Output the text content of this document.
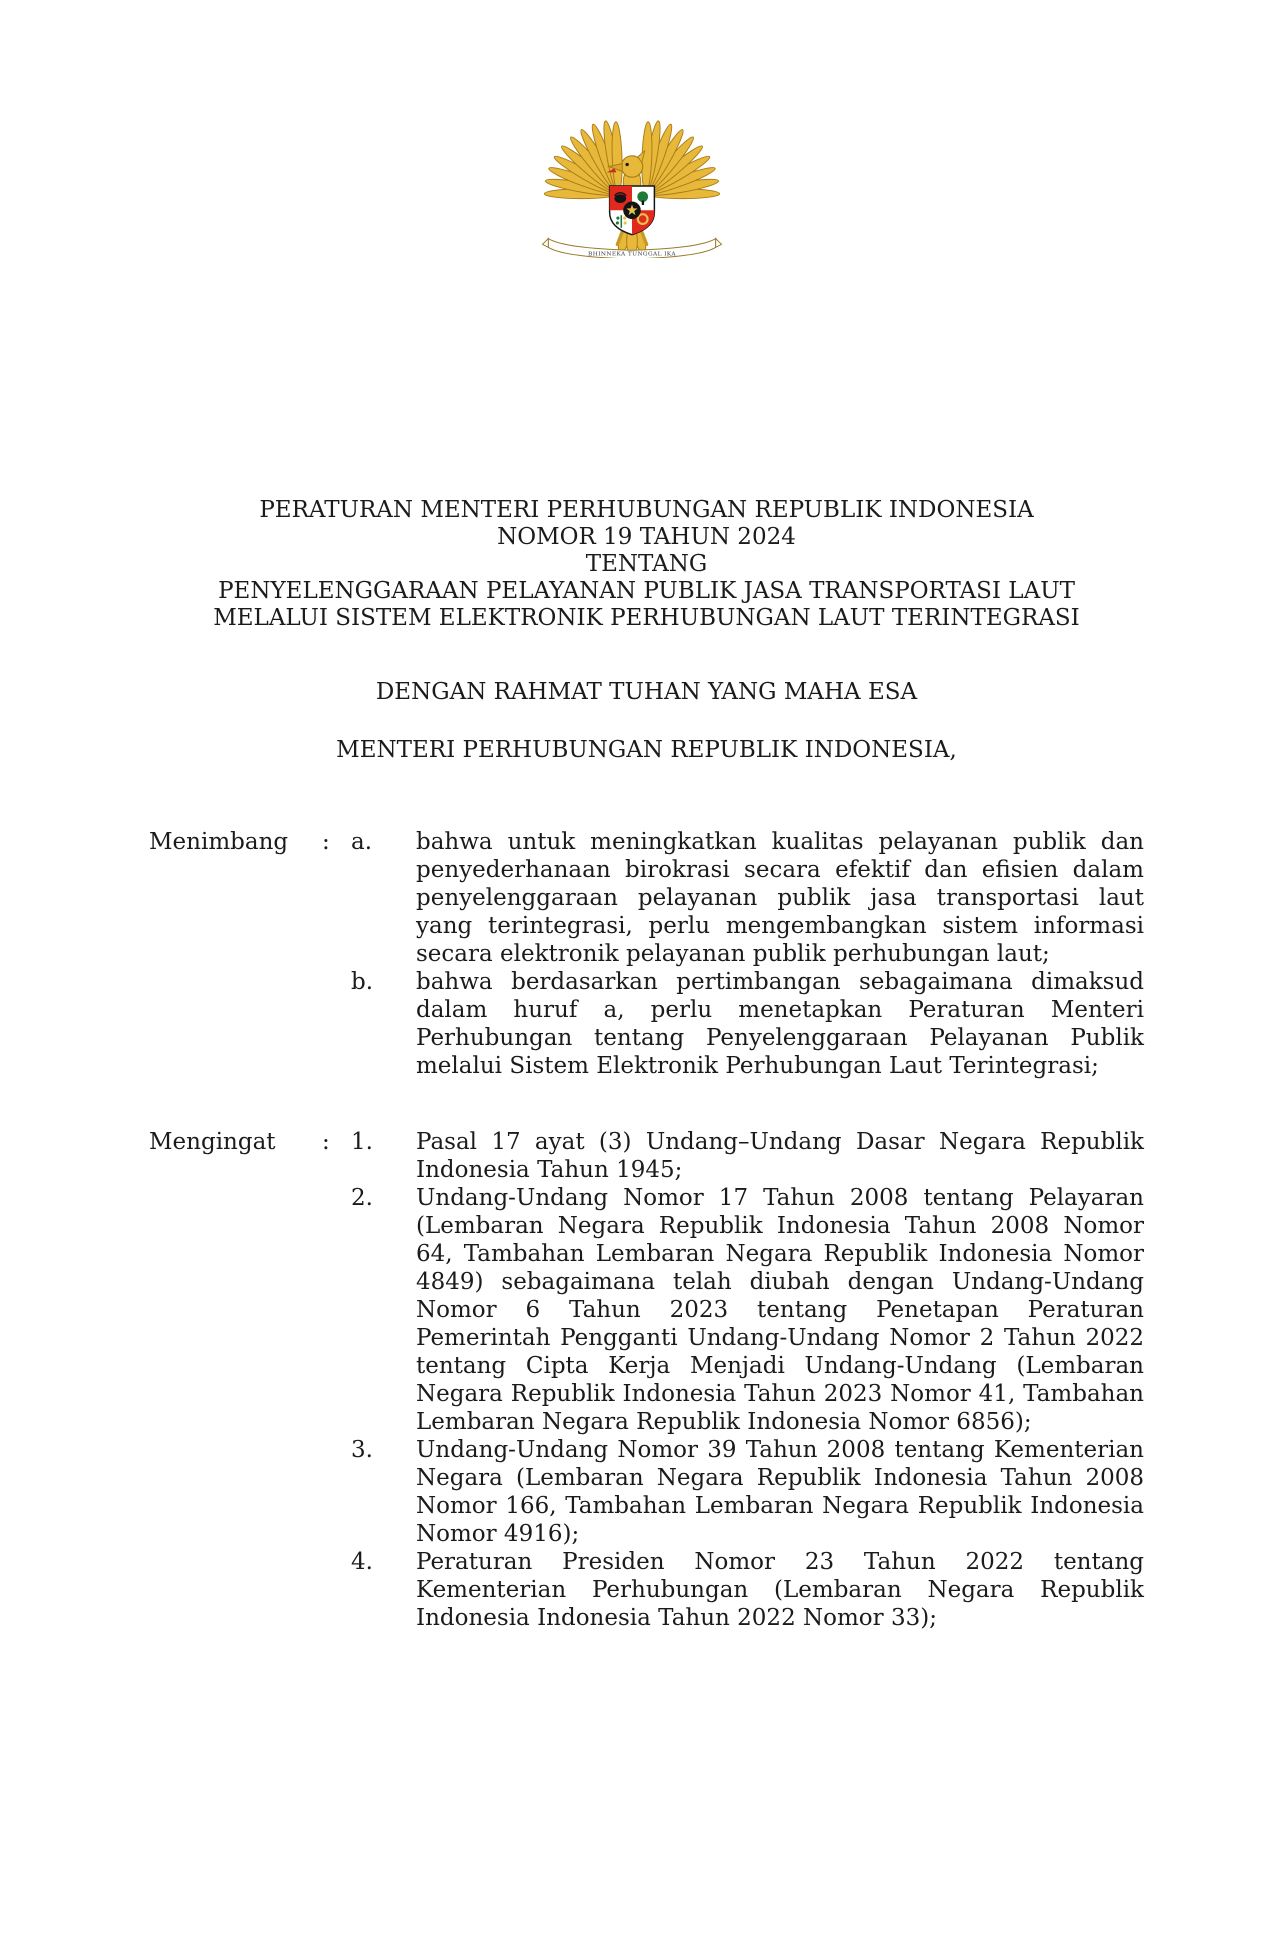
BHINNEKA TUNGGAL IKA
PERATURAN MENTERI PERHUBUNGAN REPUBLIK INDONESIA
NOMOR 19 TAHUN 2024
TENTANG
PENYELENGGARAAN PELAYANAN PUBLIK JASA TRANSPORTASI LAUT
MELALUI SISTEM ELEKTRONIK PERHUBUNGAN LAUT TERINTEGRASI
DENGAN RAHMAT TUHAN YANG MAHA ESA
MENTERI PERHUBUNGAN REPUBLIK INDONESIA,
Menimbang	: a.	bahwa untuk meningkatkan kualitas pelayanan publik dan penyederhanaan birokrasi secara efektif dan efisien dalam penyelenggaraan pelayanan publik jasa transportasi laut yang terintegrasi, perlu mengembangkan sistem informasi secara elektronik pelayanan publik perhubungan laut;
b.	bahwa berdasarkan pertimbangan sebagaimana dimaksud dalam huruf a, perlu menetapkan Peraturan Menteri Perhubungan tentang Penyelenggaraan Pelayanan Publik melalui Sistem Elektronik Perhubungan Laut Terintegrasi;
Mengingat	: 1.	Pasal 17 ayat (3) Undang–Undang Dasar Negara Republik Indonesia Tahun 1945;
2.	Undang-Undang Nomor 17 Tahun 2008 tentang Pelayaran (Lembaran Negara Republik Indonesia Tahun 2008 Nomor 64, Tambahan Lembaran Negara Republik Indonesia Nomor 4849) sebagaimana telah diubah dengan Undang-Undang Nomor 6 Tahun 2023 tentang Penetapan Peraturan Pemerintah Pengganti Undang-Undang Nomor 2 Tahun 2022 tentang Cipta Kerja Menjadi Undang-Undang (Lembaran Negara Republik Indonesia Tahun 2023 Nomor 41, Tambahan Lembaran Negara Republik Indonesia Nomor 6856);
3.	Undang-Undang Nomor 39 Tahun 2008 tentang Kementerian Negara (Lembaran Negara Republik Indonesia Tahun 2008 Nomor 166, Tambahan Lembaran Negara Republik Indonesia Nomor 4916);
4.	Peraturan Presiden Nomor 23 Tahun 2022 tentang Kementerian Perhubungan (Lembaran Negara Republik Indonesia Indonesia Tahun 2022 Nomor 33);
